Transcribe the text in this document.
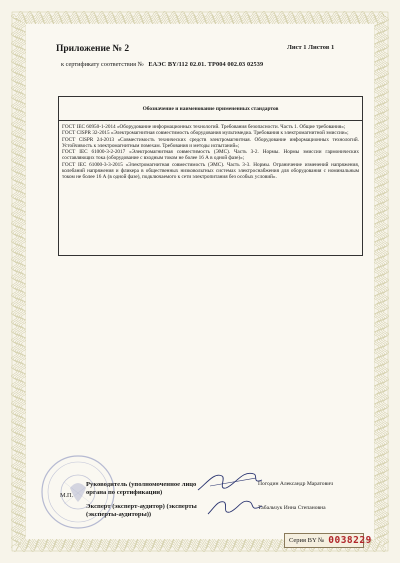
Приложение № 2	Лист 1 Листов 1
к сертификату соответствия № ЕАЭС BY/112 02.01. ТР004 002.03 02539
Обозначение и наименование примененных стандартов

ГОСТ IEC 60950-1-2014 «Оборудование информационных технологий. Требования безопасности. Часть 1. Общие требования»;

ГОСТ CISPR 32-2015 «Электромагнитная совместимость оборудования мультимедиа. Требования к электромагнитной эмиссии»;

ГОСТ CISPR 24-2013 «Совместимость технических средств электромагнитная. Оборудование информационных технологий. Устойчивость к электромагнитным помехам. Требования и методы испытаний»;

ГОСТ IEC 61000-3-2-2017 «Электромагнитная совместимость (ЭМС). Часть 3-2. Нормы. Нормы эмиссии гармонических составляющих тока (оборудование с входным током не более 16 А в одной фазе)»;

ГОСТ IEC 61000-3-3-2015 «Электромагнитная совместимость (ЭМС). Часть 3-3. Нормы. Ограничение изменений напряжения, колебаний напряжения и фликера в общественных низковольтных системах электроснабжения для оборудования с номинальным током не более 16 А (в одной фазе), подключаемого к сети электропитания без особых условий».

Руководитель (уполномоченное лицо органа по сертификации)
Погодин Александр Маратович
М.П.
Эксперт (эксперт-аудитор) (эксперты (эксперты-аудиторы))
Табальчук Инна Степановна

Серия BY № 0038229
